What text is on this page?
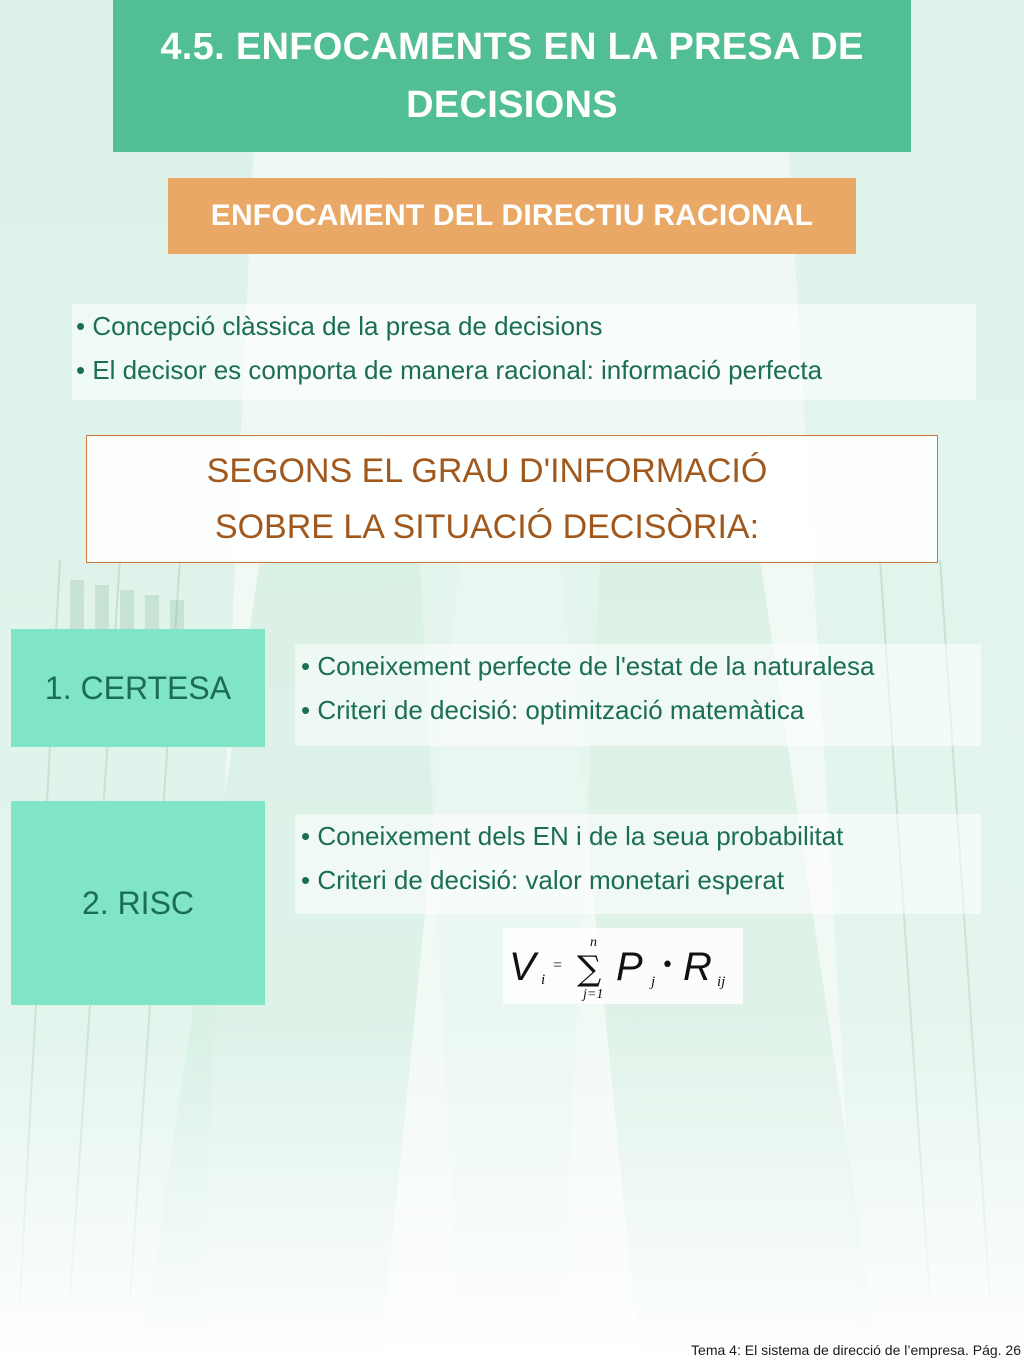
4.5. ENFOCAMENTS EN LA PRESA DE
DECISIONS
ENFOCAMENT DEL DIRECTIU RACIONAL
• Concepció clàssica de la presa de decisions
• El decisor es comporta de manera racional: informació perfecta
SEGONS EL GRAU D'INFORMACIÓ
SOBRE LA SITUACIÓ DECISÒRIA:
1. CERTESA
• Coneixement perfecte de l'estat de la naturalesa
• Criteri de decisió: optimització matemàtica
2. RISC
• Coneixement dels EN i de la seua probabilitat
• Criteri de decisió: valor monetari esperat
V i
=
n
∑
j=1
P j
• R ij
Tema 4: El sistema de direcció de l’empresa. Pág. 26
